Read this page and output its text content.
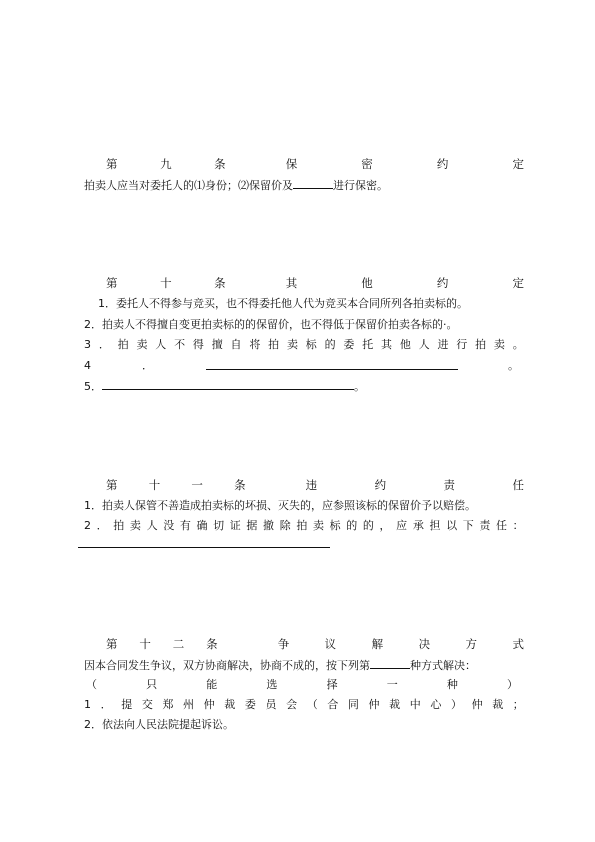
第	九	条	保	密	约	定
拍卖人应当对委托人的⑴身份；⑵保留价及	进行保密。
第	十	条	其	他	约	定
1．委托人不得参与竞买，也不得委托他人代为竞买本合同所列各拍卖标的。
2．拍卖人不得擅自变更拍卖标的的保留价，也不得低于保留价拍卖各标的·。
3 ． 拍 卖 人 不 得 擅 自 将 拍 卖 标 的 委 托 其 他 人 进 行 拍 卖 。
4	．	。
5．	。
第	十	一	条	违	约	责	任
1．拍卖人保管不善造成拍卖标的坏损、灭失的，应参照该标的保留价予以赔偿。
2 ． 拍 卖 人 没 有 确 切 证 据 撤 除 拍 卖 标 的 的 ， 应 承 担 以 下 责 任 ：
第 十 二 条	争	议	解	决	方	式
因本合同发生争议，双方协商解决，协商不成的，按下列第	种方式解决：
（	只	能	选	择	一	种	）
1 ． 提 交 郑 州 仲 裁 委 员 会 （ 合 同 仲 裁 中 心 ） 仲 裁 ；
2．依法向人民法院提起诉讼。
